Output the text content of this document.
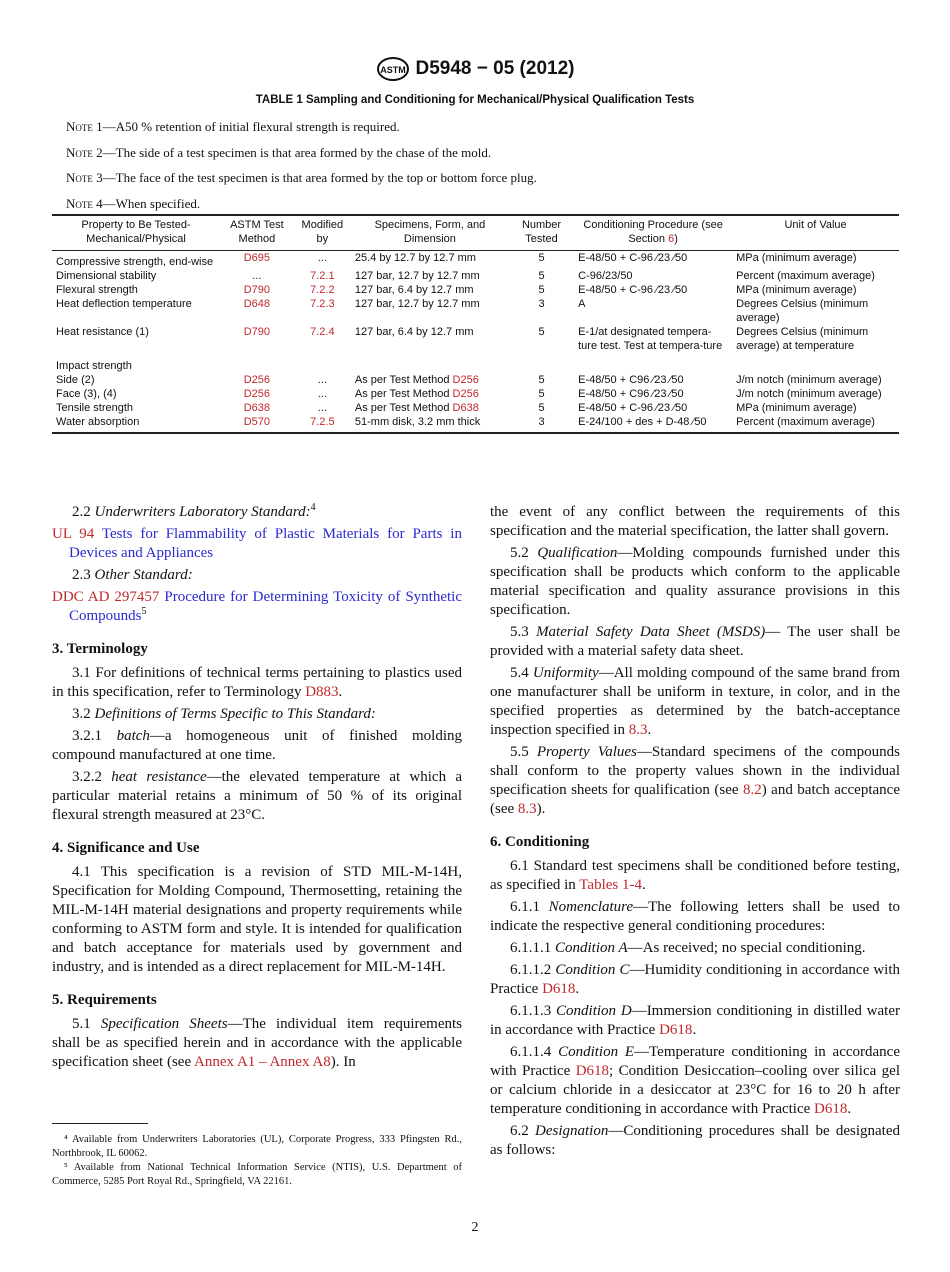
ASTM D5948 − 05 (2012)
TABLE 1 Sampling and Conditioning for Mechanical/Physical Qualification Tests
Note 1—A50 % retention of initial flexural strength is required.
Note 2—The side of a test specimen is that area formed by the chase of the mold.
Note 3—The face of the test specimen is that area formed by the top or bottom force plug.
Note 4—When specified.
Property to Be Tested-Mechanical/Physical	ASTM Test Method	Modified by	Specimens, Form, and Dimension	Number Tested	Conditioning Procedure (see Section 6)	Unit of Value
Compressive strength, end-wise	D695	...	25.4 by 12.7 by 12.7 mm	5	E-48/50 + C-96 ⁄23 ⁄50	MPa (minimum average)
Dimensional stability	...	7.2.1	127 bar, 12.7 by 12.7 mm	5	C-96/23/50	Percent (maximum average)
Flexural strength	D790	7.2.2	127 bar, 6.4 by 12.7 mm	5	E-48/50 + C-96 ⁄23 ⁄50	MPa (minimum average)
Heat deflection temperature	D648	7.2.3	127 bar, 12.7 by 12.7 mm	3	A	Degrees Celsius (minimum average)
Heat resistance (1)	D790	7.2.4	127 bar, 6.4 by 12.7 mm	5	E-1/at designated tempera-ture test. Test at tempera-ture	Degrees Celsius (minimum average) at temperature
Impact strength						
Side (2)	D256	...	As per Test Method D256	5	E-48/50 + C96 ⁄23 ⁄50	J/m notch (minimum average)
Face (3), (4)	D256	...	As per Test Method D256	5	E-48/50 + C96 ⁄23 ⁄50	J/m notch (minimum average)
Tensile strength	D638	...	As per Test Method D638	5	E-48/50 + C-96 ⁄23 ⁄50	MPa (minimum average)
Water absorption	D570	7.2.5	51-mm disk, 3.2 mm thick	3	E-24/100 + des + D-48 ⁄50	Percent (maximum average)

2.2 Underwriters Laboratory Standard:$^4$

UL 94 Tests for Flammability of Plastic Materials for Parts in Devices and Appliances

2.3 Other Standard:

DDC AD 297457 Procedure for Determining Toxicity of Synthetic Compounds$^5$

3. Terminology

3.1 For definitions of technical terms pertaining to plastics used in this specification, refer to Terminology D883.

3.2 Definitions of Terms Specific to This Standard:

3.2.1 batch—a homogeneous unit of finished molding compound manufactured at one time.

3.2.2 heat resistance—the elevated temperature at which a particular material retains a minimum of 50 % of its original flexural strength measured at 23°C.

4. Significance and Use

4.1 This specification is a revision of STD MIL-M-14H, Specification for Molding Compound, Thermosetting, retaining the MIL-M-14H material designations and property requirements while conforming to ASTM form and style. It is intended for qualification and batch acceptance for materials used by government and industry, and is intended as a direct replacement for MIL-M-14H.

5. Requirements

5.1 Specification Sheets—The individual item requirements shall be as specified herein and in accordance with the applicable specification sheet (see Annex A1 – Annex A8). In

the event of any conflict between the requirements of this specification and the material specification, the latter shall govern.

5.2 Qualification—Molding compounds furnished under this specification shall be products which conform to the applicable material specification and quality assurance provisions in this specification.

5.3 Material Safety Data Sheet (MSDS)— The user shall be provided with a material safety data sheet.

5.4 Uniformity—All molding compound of the same brand from one manufacturer shall be uniform in texture, in color, and in the specified properties as determined by the batch-acceptance inspection specified in 8.3.

5.5 Property Values—Standard specimens of the compounds shall conform to the property values shown in the individual specification sheets for qualification (see 8.2) and batch acceptance (see 8.3).

6. Conditioning

6.1 Standard test specimens shall be conditioned before testing, as specified in Tables 1-4.

6.1.1 Nomenclature—The following letters shall be used to indicate the respective general conditioning procedures:

6.1.1.1 Condition A—As received; no special conditioning.

6.1.1.2 Condition C—Humidity conditioning in accordance with Practice D618.

6.1.1.3 Condition D—Immersion conditioning in distilled water in accordance with Practice D618.

6.1.1.4 Condition E—Temperature conditioning in accordance with Practice D618; Condition Desiccation–cooling over silica gel or calcium chloride in a desiccator at 23°C for 16 to 20 h after temperature conditioning in accordance with Practice D618.

6.2 Designation—Conditioning procedures shall be designated as follows:

⁴ Available from Underwriters Laboratories (UL), Corporate Progress, 333 Pfingsten Rd., Northbrook, IL 60062.
⁵ Available from National Technical Information Service (NTIS), U.S. Department of Commerce, 5285 Port Royal Rd., Springfield, VA 22161.
2
